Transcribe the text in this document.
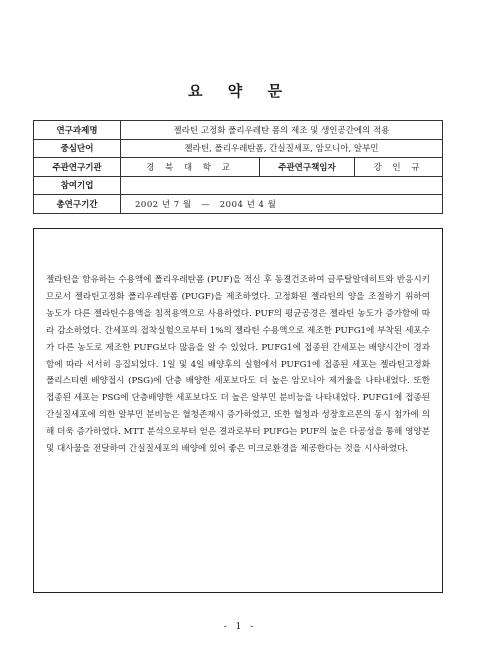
요 약 문
연구과제명	젤라틴 고정화 폴리우레탄 폼의 제조 및 생인공간에의 적용		
중심단어	젤라틴, 폴리우레탄폼, 간실질세포, 암모니아, 알부민		
주관연구기관	경 북 대 학 교	주관연구책임자	강 인 규
참여기업			
총연구기간	2002 년 7 월   —   2004 년 4 월		

젤라틴을 함유하는 수용액에 폴리우레탄폼 (PUF)을 적신 후 동결건조하여 글루탈알데히트와 반응시키므로서 젤라틴고정화 폴리우레탄폼 (PUGF)을 제조하였다. 고정화된 젤라틴의 양을 조절하기 위하여 농도가 다른 젤라틴수용액을 침적용액으로 사용하였다. PUF의 평균공경은 젤라틴 농도가 증가함에 따라 감소하였다. 간세포의 접착실험으로부터 1%의 젤라틴 수용액으로 제조한 PUFG1에 부착된 세포수가 다른 농도로 제조한 PUFG보다 많음을 알 수 있었다. PUFG1에 접종된 간세포는 배양시간이 경과함에 따라 서서히 응집되었다. 1일 및 4일 배양후의 실험에서 PUFG1에 접종된 세포는 젤라틴고정화 폴리스티렌 배양접시 (PSG)에 단층 배양한 세포보다도 더 높은 암모니아 제거율을 나타내었다. 또한 접종된 세포는 PSG에 단층배양한 세포보다도 더 높은 알부민 분비능을 나타내었다. PUFG1에 접종된 간실질세포에 의한 알부민 분비능은 혈청존재시 증가하였고, 또한 혈청과 성장호르몬의 동시 첨가에 의해 더욱 증가하였다. MTT 분석으로부터 얻은 결과로부터 PUFG는 PUF의 높은 다공성을 통해 영양분 및 대사물을 전달하여 간실질세포의 배양에 있어 좋은 미크로환경을 제공한다는 것을 시사하였다.

- 1 -
